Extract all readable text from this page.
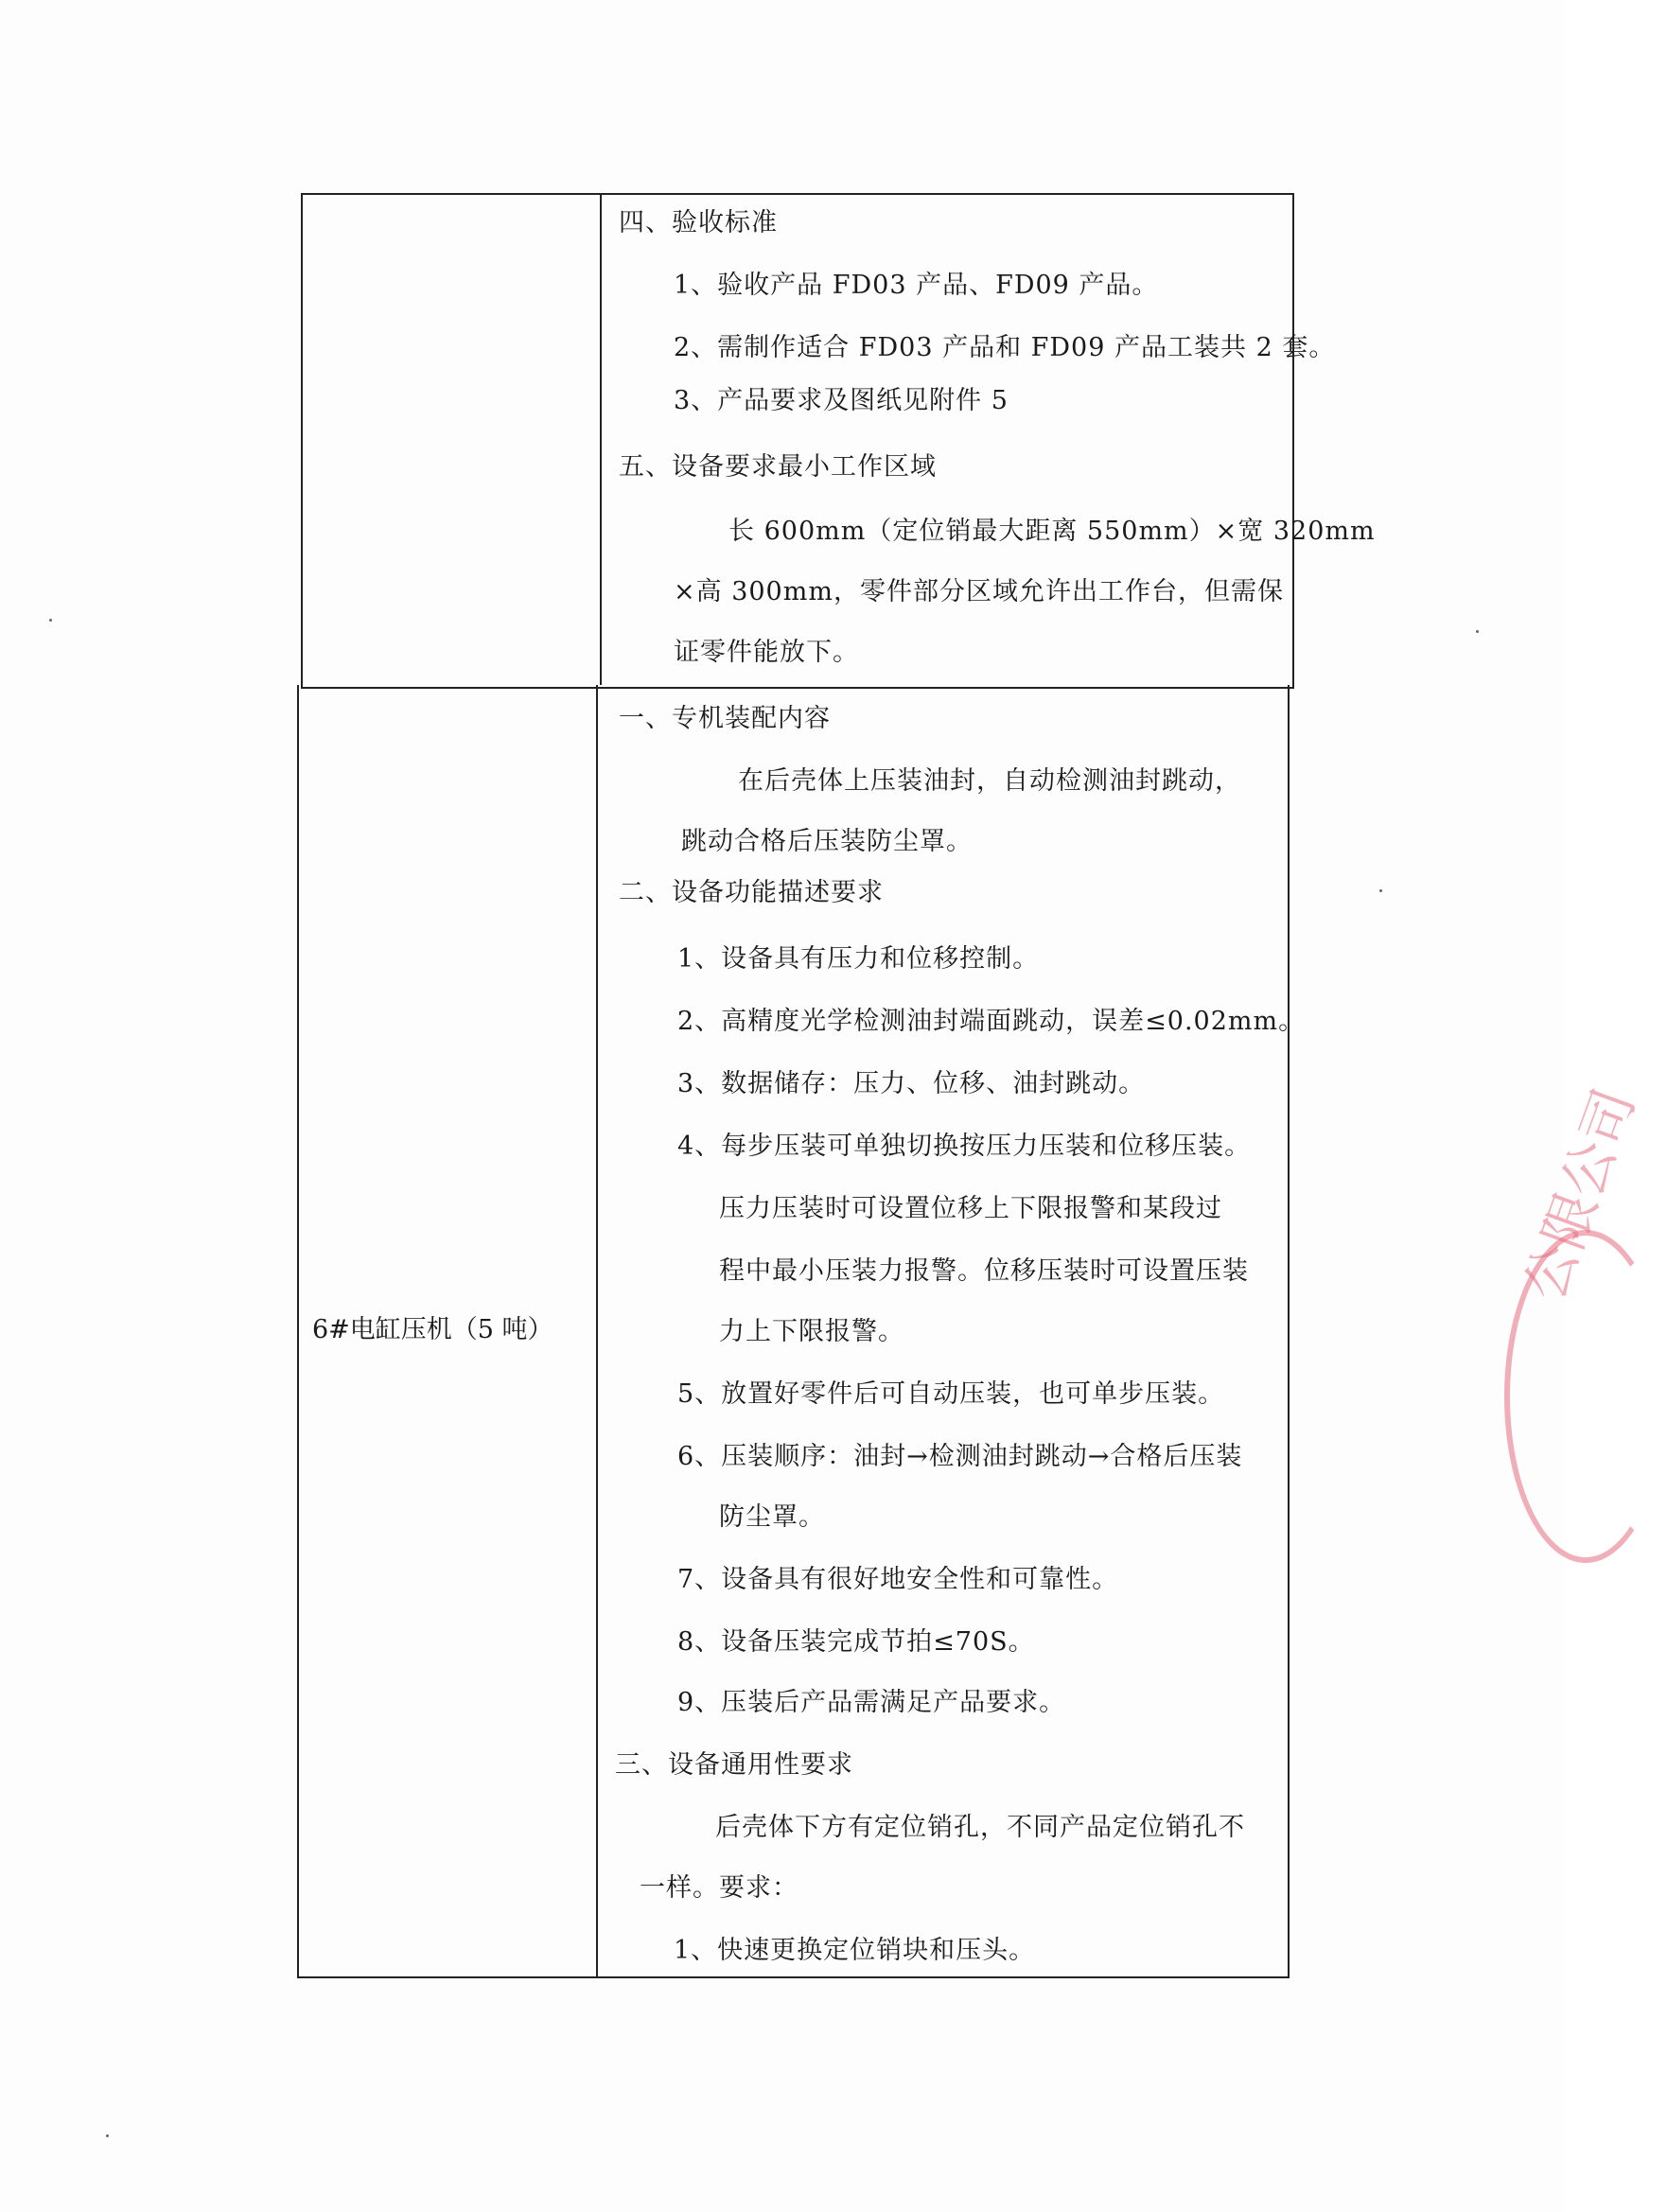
四、验收标准
1、验收产品 FD03 产品、FD09 产品。
2、需制作适合 FD03 产品和 FD09 产品工装共 2 套。
3、产品要求及图纸见附件 5
五、设备要求最小工作区域
长 600mm（定位销最大距离 550mm）×宽 320mm
×高 300mm，零件部分区域允许出工作台，但需保
证零件能放下。
6#电缸压机（5 吨）
一、专机装配内容
在后壳体上压装油封，自动检测油封跳动，
跳动合格后压装防尘罩。
二、设备功能描述要求
1、设备具有压力和位移控制。
2、高精度光学检测油封端面跳动，误差≤0.02mm。
3、数据储存：压力、位移、油封跳动。
4、每步压装可单独切换按压力压装和位移压装。
压力压装时可设置位移上下限报警和某段过
程中最小压装力报警。位移压装时可设置压装
力上下限报警。
5、放置好零件后可自动压装，也可单步压装。
6、压装顺序：油封→检测油封跳动→合格后压装
防尘罩。
7、设备具有很好地安全性和可靠性。
8、设备压装完成节拍≤70S。
9、压装后产品需满足产品要求。
三、设备通用性要求
后壳体下方有定位销孔，不同产品定位销孔不
一样。要求：
1、快速更换定位销块和压头。
公限公司
